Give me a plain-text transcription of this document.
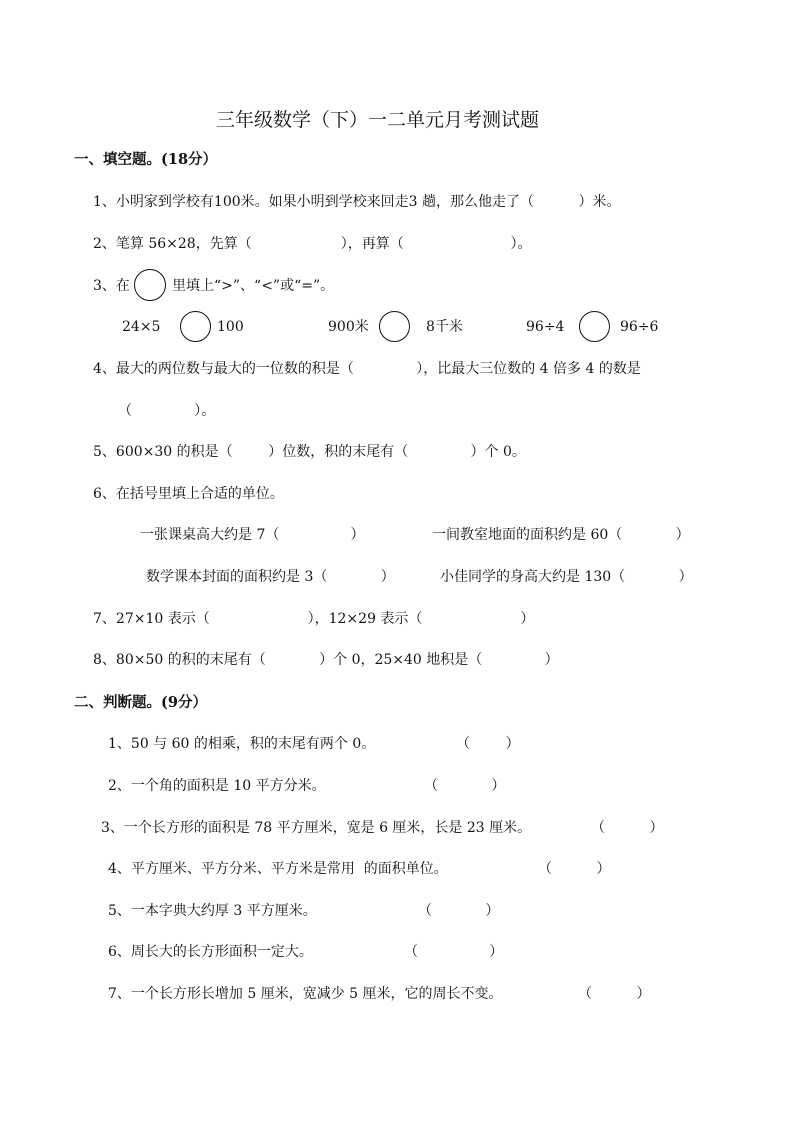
三年级数学（下）一二单元月考测试题
一、填空题。(18分）
1、小明家到学校有100米。如果小明到学校来回走3 趟，那么他走了（          ）米。
2、笔算 56×28，先算（                    ），再算（                        ）。
3、在	里填上“>”、“<”或“=”。
24×5	100	900米	8千米	96÷4	96÷6
4、最大的两位数与最大的一位数的积是（              ），比最大三位数的 4 倍多 4 的数是
（              ）。
5、600×30 的积是（        ）位数，积的末尾有（              ）个 0。
6、在括号里填上合适的单位。
一张课桌高大约是 7（                ）	一间教室地面的面积约是 60（            ）
数学课本封面的面积约是 3（            ）	小佳同学的身高大约是 130（            ）
7、27×10 表示（                      ），12×29 表示（                      ）
8、80×50 的积的末尾有（            ）个 0，25×40 地积是（              ）
二、判断题。(9分）
1、50 与 60 的相乘，积的末尾有两个 0。	（        ）
2、一个角的面积是 10 平方分米。	（            ）
3、一个长方形的面积是 78 平方厘米，宽是 6 厘米，长是 23 厘米。	（          ）
4、平方厘米、平方分米、平方米是常用  的面积单位。	（          ）
5、一本字典大约厚 3 平方厘米。	（            ）
6、周长大的长方形面积一定大。	（                ）
7、一个长方形长增加 5 厘米，宽减少 5 厘米，它的周长不变。	（          ）
